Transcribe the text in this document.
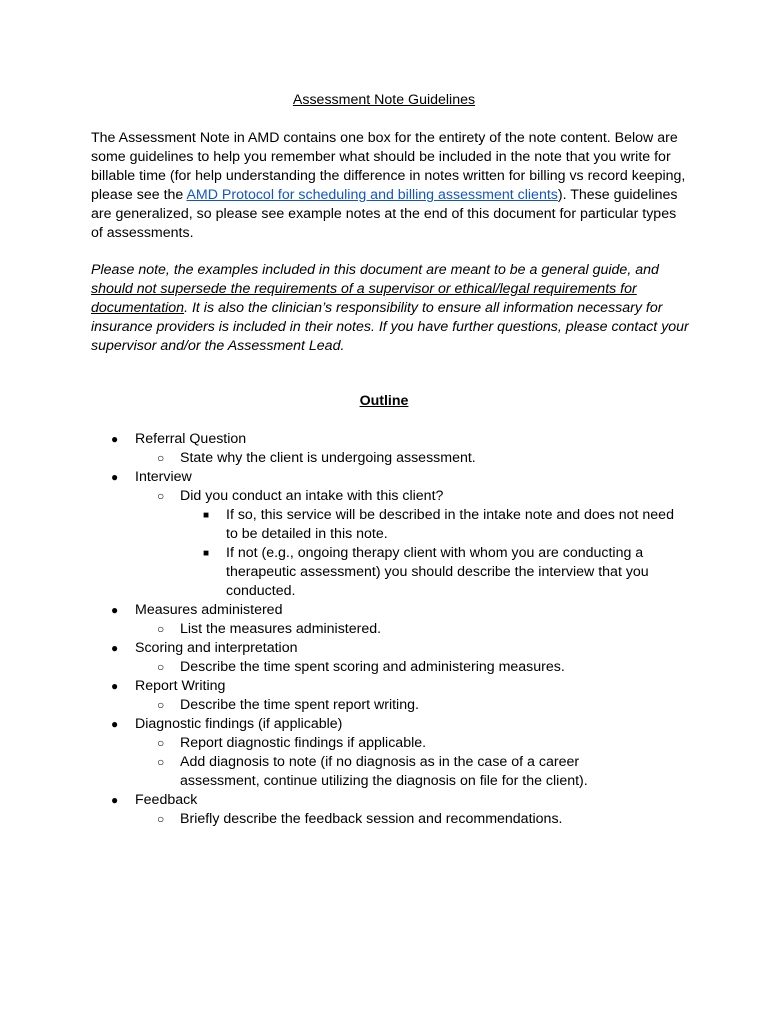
Assessment Note Guidelines

The Assessment Note in AMD contains one box for the entirety of the note content. Below are some guidelines to help you remember what should be included in the note that you write for billable time (for help understanding the difference in notes written for billing vs record keeping, please see the AMD Protocol for scheduling and billing assessment clients). These guidelines are generalized, so please see example notes at the end of this document for particular types of assessments.

Please note, the examples included in this document are meant to be a general guide, and should not supersede the requirements of a supervisor or ethical/legal requirements for documentation. It is also the clinician’s responsibility to ensure all information necessary for insurance providers is included in their notes. If you have further questions, please contact your supervisor and/or the Assessment Lead.

Outline
● Referral Question
○ State why the client is undergoing assessment.
● Interview
○ Did you conduct an intake with this client?
■ If so, this service will be described in the intake note and does not need to be detailed in this note.
■ If not (e.g., ongoing therapy client with whom you are conducting a therapeutic assessment) you should describe the interview that you conducted.
● Measures administered
○ List the measures administered.
● Scoring and interpretation
○ Describe the time spent scoring and administering measures.
● Report Writing
○ Describe the time spent report writing.
● Diagnostic findings (if applicable)
○ Report diagnostic findings if applicable.
○ Add diagnosis to note (if no diagnosis as in the case of a career assessment, continue utilizing the diagnosis on file for the client).
● Feedback
○ Briefly describe the feedback session and recommendations.
